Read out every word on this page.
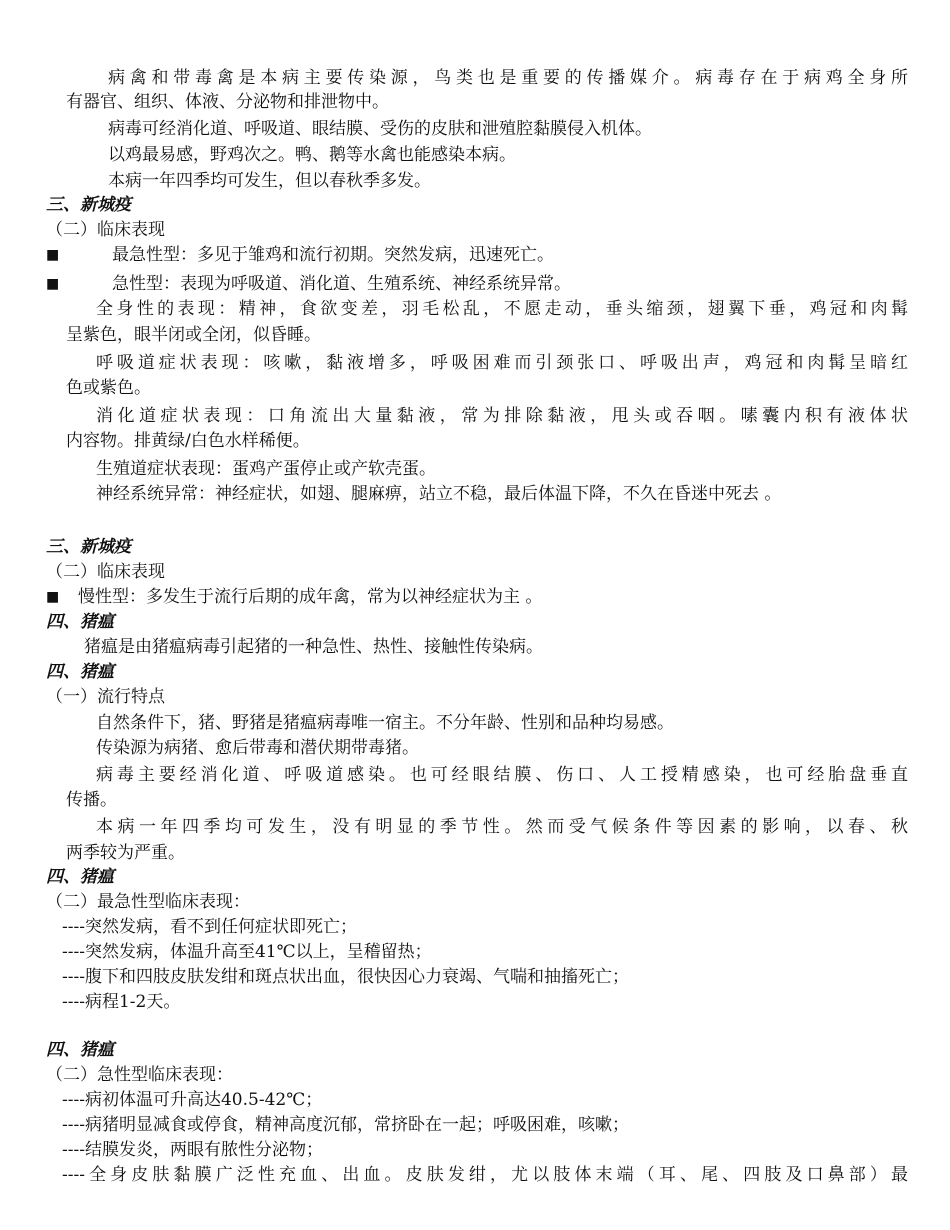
病禽和带毒禽是本病主要传染源，鸟类也是重要的传播媒介。病毒存在于病鸡全身所
有器官、组织、体液、分泌物和排泄物中。
病毒可经消化道、呼吸道、眼结膜、受伤的皮肤和泄殖腔黏膜侵入机体。
以鸡最易感，野鸡次之。鸭、鹅等水禽也能感染本病。
本病一年四季均可发生，但以春秋季多发。
三、新城疫
（二）临床表现
■	最急性型：多见于雏鸡和流行初期。突然发病，迅速死亡。
■	急性型：表现为呼吸道、消化道、生殖系统、神经系统异常。
全身性的表现：精神，食欲变差，羽毛松乱，不愿走动，垂头缩颈，翅翼下垂，鸡冠和肉髯
呈紫色，眼半闭或全闭，似昏睡。
呼吸道症状表现：咳嗽，黏液增多，呼吸困难而引颈张口、呼吸出声，鸡冠和肉髯呈暗红
色或紫色。
消化道症状表现：口角流出大量黏液，常为排除黏液，甩头或吞咽。嗉囊内积有液体状
内容物。排黄绿/白色水样稀便。
生殖道症状表现：蛋鸡产蛋停止或产软壳蛋。
神经系统异常：神经症状，如翅、腿麻痹，站立不稳，最后体温下降，不久在昏迷中死去 。
三、新城疫
（二）临床表现
■ 慢性型：多发生于流行后期的成年禽，常为以神经症状为主 。
四、猪瘟
猪瘟是由猪瘟病毒引起猪的一种急性、热性、接触性传染病。
四、猪瘟
（一）流行特点
自然条件下，猪、野猪是猪瘟病毒唯一宿主。不分年龄、性别和品种均易感。
传染源为病猪、愈后带毒和潜伏期带毒猪。
病毒主要经消化道、呼吸道感染。也可经眼结膜、伤口、人工授精感染，也可经胎盘垂直
传播。
本病一年四季均可发生，没有明显的季节性。然而受气候条件等因素的影响，以春、秋
两季较为严重。
四、猪瘟
（二）最急性型临床表现：
----突然发病，看不到任何症状即死亡；
----突然发病，体温升高至41℃以上，呈稽留热；
----腹下和四肢皮肤发绀和斑点状出血，很快因心力衰竭、气喘和抽搐死亡；
----病程1-2天。
四、猪瘟
（二）急性型临床表现：
----病初体温可升高达40.5-42℃；
----病猪明显减食或停食，精神高度沉郁，常挤卧在一起；呼吸困难，咳嗽；
----结膜发炎，两眼有脓性分泌物；
----全身皮肤黏膜广泛性充血、出血。皮肤发绀，尤以肢体末端（耳、尾、四肢及口鼻部）最
